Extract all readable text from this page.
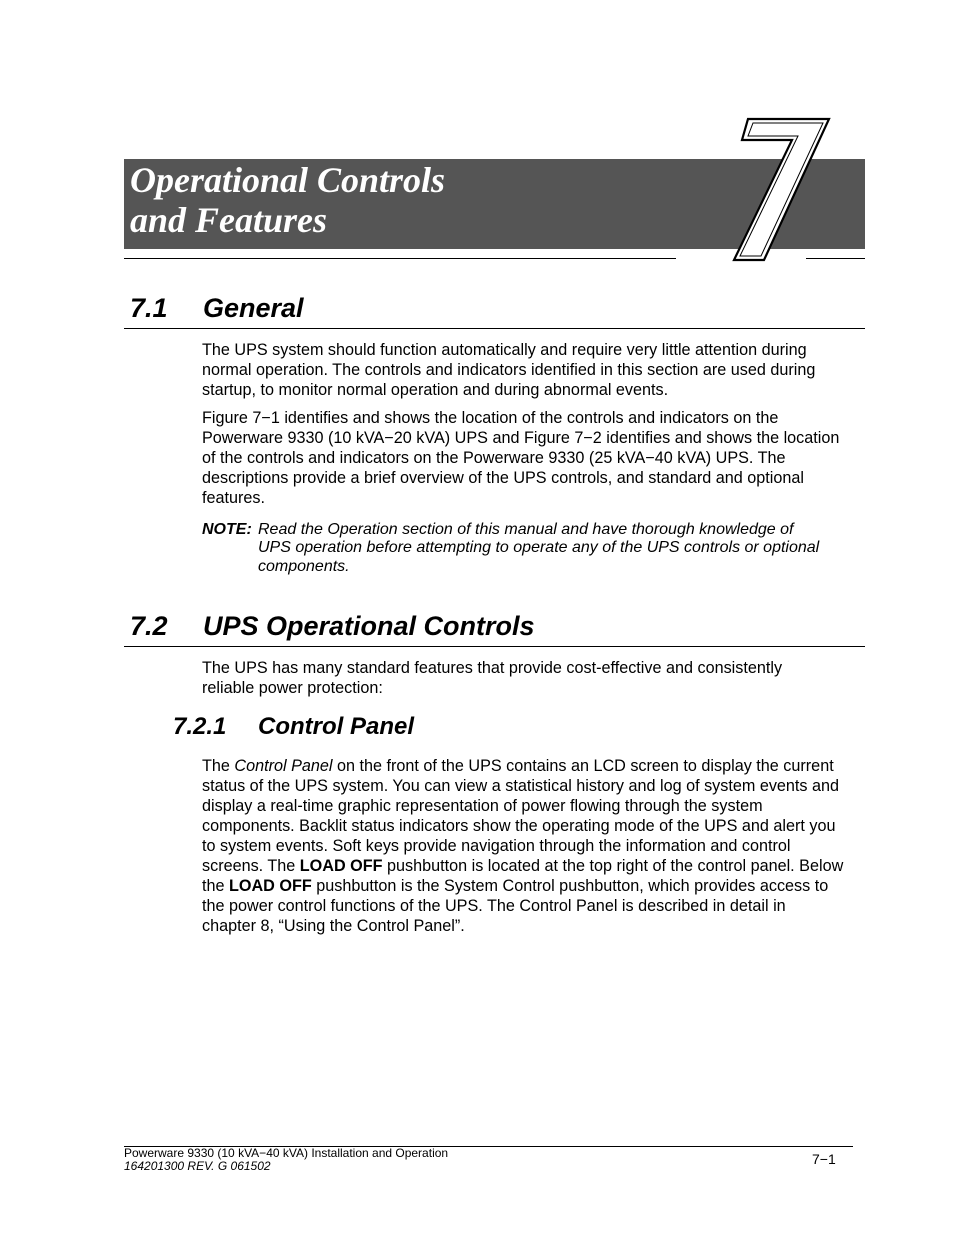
Operational Controls
and Features
7.1 General

The UPS system should function automatically and require very little attention during normal operation. The controls and indicators identified in this section are used during startup, to monitor normal operation and during abnormal events.

Figure 7−1 identifies and shows the location of the controls and indicators on the Powerware 9330 (10 kVA−20 kVA) UPS and Figure 7−2 identifies and shows the location of the controls and indicators on the Powerware 9330 (25 kVA−40 kVA) UPS. The descriptions provide a brief overview of the UPS controls, and standard and optional features.

NOTE: Read the Operation section of this manual and have thorough knowledge of UPS operation before attempting to operate any of the UPS controls or optional components.

7.2 UPS Operational Controls

The UPS has many standard features that provide cost-effective and consistently reliable power protection:

7.2.1 Control Panel

The Control Panel on the front of the UPS contains an LCD screen to display the current status of the UPS system. You can view a statistical history and log of system events and display a real-time graphic representation of power flowing through the system components. Backlit status indicators show the operating mode of the UPS and alert you to system events. Soft keys provide navigation through the information and control screens. The LOAD OFF pushbutton is located at the top right of the control panel. Below the LOAD OFF pushbutton is the System Control pushbutton, which provides access to the power control functions of the UPS. The Control Panel is described in detail in chapter 8, “Using the Control Panel”.

Powerware 9330 (10 kVA−40 kVA) Installation and Operation
164201300 REV. G 061502	7−1
